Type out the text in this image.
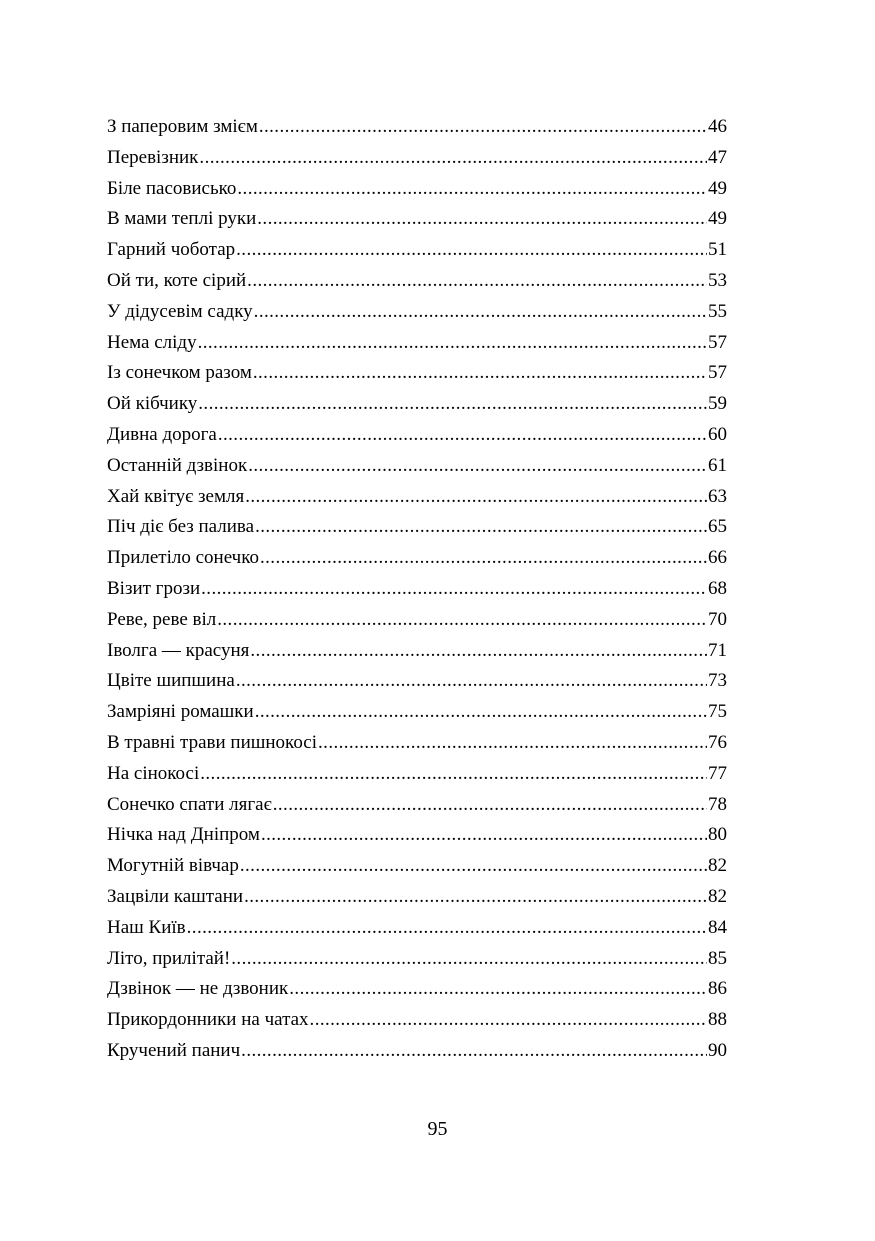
З паперовим змієм .....	46
Перевізник .....	47
Біле пасовисько .....	49
В мами теплі руки .....	49
Гарний чоботар .....	51
Ой ти, коте сірий .....	53
У дідусевім садку .....	55
Нема сліду .....	57
Із сонечком разом .....	57
Ой кібчику .....	59
Дивна дорога .....	60
Останній дзвінок .....	61
Хай квітує земля .....	63
Піч діє без палива .....	65
Прилетіло сонечко .....	66
Візит грози .....	68
Реве, реве віл .....	70
Іволга — красуня .....	71
Цвіте шипшина .....	73
Замріяні ромашки .....	75
В травні трави пишнокосі .....	76
На сінокосі .....	77
Сонечко спати лягає .....	78
Нічка над Дніпром .....	80
Могутній вівчар .....	82
Зацвіли каштани .....	82
Наш Київ .....	84
Літо, прилітай! .....	85
Дзвінок — не дзвоник .....	86
Прикордонники на чатах .....	88
Кручений панич .....	90
95
